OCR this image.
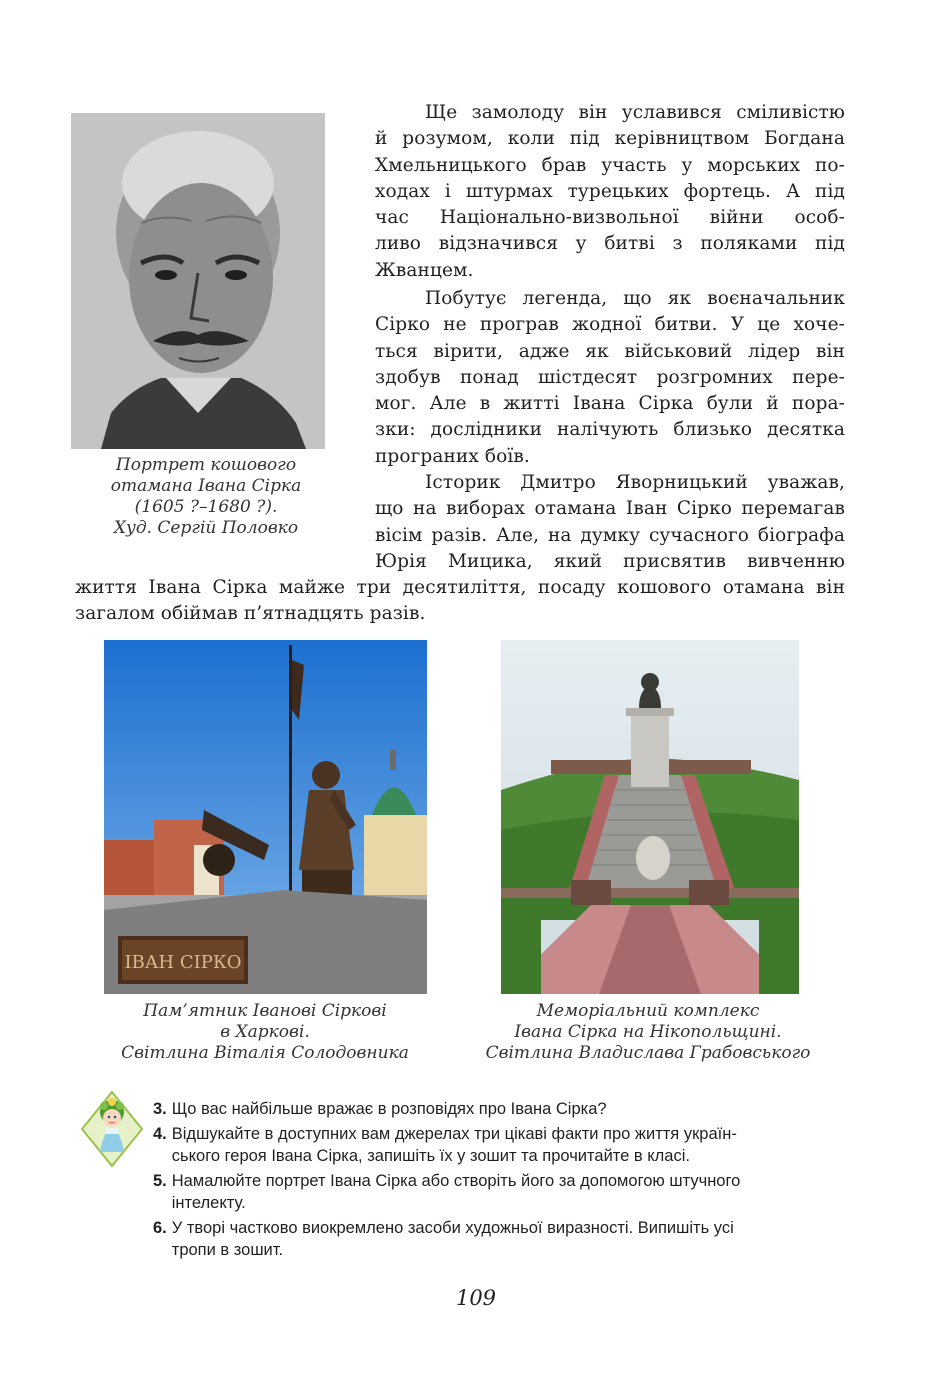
Портрет кошового
отамана Івана Сірка
(1605 ?–1680 ?).
Худ. Сергій Половко
Ще замолоду він уславився сміливістю
й розумом, коли під керівництвом Богдана
Хмельницького брав участь у морських по-
ходах і штурмах турецьких фортець. А під
час Національно-визвольної війни особ-
ливо відзначився у битві з поляками під
Жванцем.
Побутує легенда, що як воєначальник
Сірко не програв жодної битви. У це хоче-
ться вірити, адже як військовий лідер він
здобув понад шістдесят розгромних пере-
мог. Але в житті Івана Сірка були й пора-
зки: дослідники налічують близько десятка
програних боїв.
Історик Дмитро Яворницький уважав,
що на виборах отамана Іван Сірко перемагав
вісім разів. Але, на думку сучасного біографа
Юрія Мицика, який присвятив вивченню
життя Івана Сірка майже три десятиліття, посаду кошового отамана він
загалом обіймав п’ятнадцять разів.
ІВАН СІРКО
Пам’ятник Іванові Сіркові
в Харкові.
Світлина Віталія Солодовника
Меморіальний комплекс
Івана Сірка на Нікопольщині.
Світлина Владислава Грабовського
3. Що вас найбільше вражає в розповідях про Івана Сірка?
4. Відшукайте в доступних вам джерелах три цікаві факти про життя україн-
ського героя Івана Сірка, запишіть їх у зошит та прочитайте в класі.
5. Намалюйте портрет Івана Сірка або створіть його за допомогою штучного
інтелекту.
6. У творі частково виокремлено засоби художньої виразності. Випишіть усі
тропи в зошит.
109
